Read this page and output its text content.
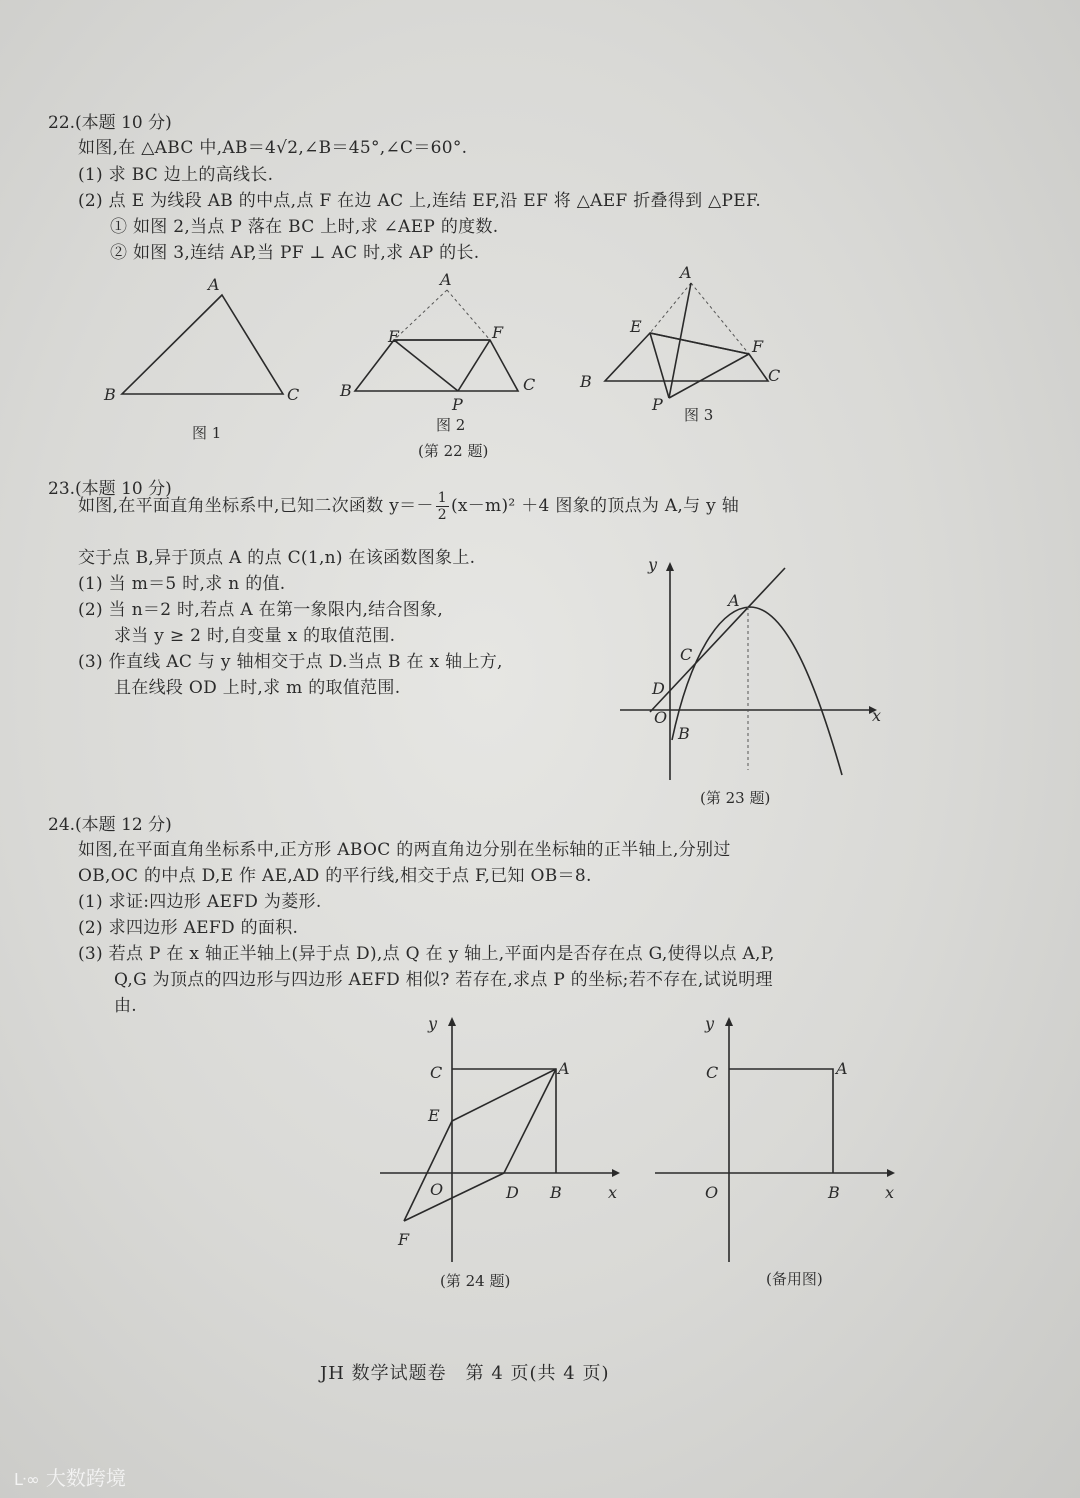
22.(本题 10 分)
如图,在 △ABC 中,AB＝4√2,∠B＝45°,∠C＝60°.
(1) 求 BC 边上的高线长.
(2) 点 E 为线段 AB 的中点,点 F 在边 AC 上,连结 EF,沿 EF 将 △AEF 折叠得到 △PEF.
① 如图 2,当点 P 落在 BC 上时,求 ∠AEP 的度数.
② 如图 3,连结 AP,当 PF ⊥ AC 时,求 AP 的长.
A
B	C
A
E	F
B	C
P
A
E
F
B	C
P
y
x
A
C
D
O
B
y
x
C	A
E
O	D B
F
y
x
C	A
O	B
图 1	图 2
图 3
(第 22 题)
23.(本题 10 分)
如图,在平面直角坐标系中,已知二次函数 $y=- \frac{1}{2} (x-m)^2 +4$ 图象的顶点为 A,与 y 轴
交于点 B,异于顶点 A 的点 C(1,n) 在该函数图象上.
(1) 当 m＝5 时,求 n 的值.
(2) 当 n＝2 时,若点 A 在第一象限内,结合图象,
求当 y ≥ 2 时,自变量 x 的取值范围.
(3) 作直线 AC 与 y 轴相交于点 D.当点 B 在 x 轴上方,
且在线段 OD 上时,求 m 的取值范围.
(第 23 题)
24.(本题 12 分)
如图,在平面直角坐标系中,正方形 ABOC 的两直角边分别在坐标轴的正半轴上,分别过
OB,OC 的中点 D,E 作 AE,AD 的平行线,相交于点 F,已知 OB＝8.
(1) 求证:四边形 AEFD 为菱形.
(2) 求四边形 AEFD 的面积.
(3) 若点 P 在 x 轴正半轴上(异于点 D),点 Q 在 y 轴上,平面内是否存在点 G,使得以点 A,P,
Q,G 为顶点的四边形与四边形 AEFD 相似? 若存在,求点 P 的坐标;若不存在,试说明理
由.
(第 24 题)	(备用图)
JH 数学试题卷　第 4 页(共 4 页)
ᒷ∞ 大数跨境
